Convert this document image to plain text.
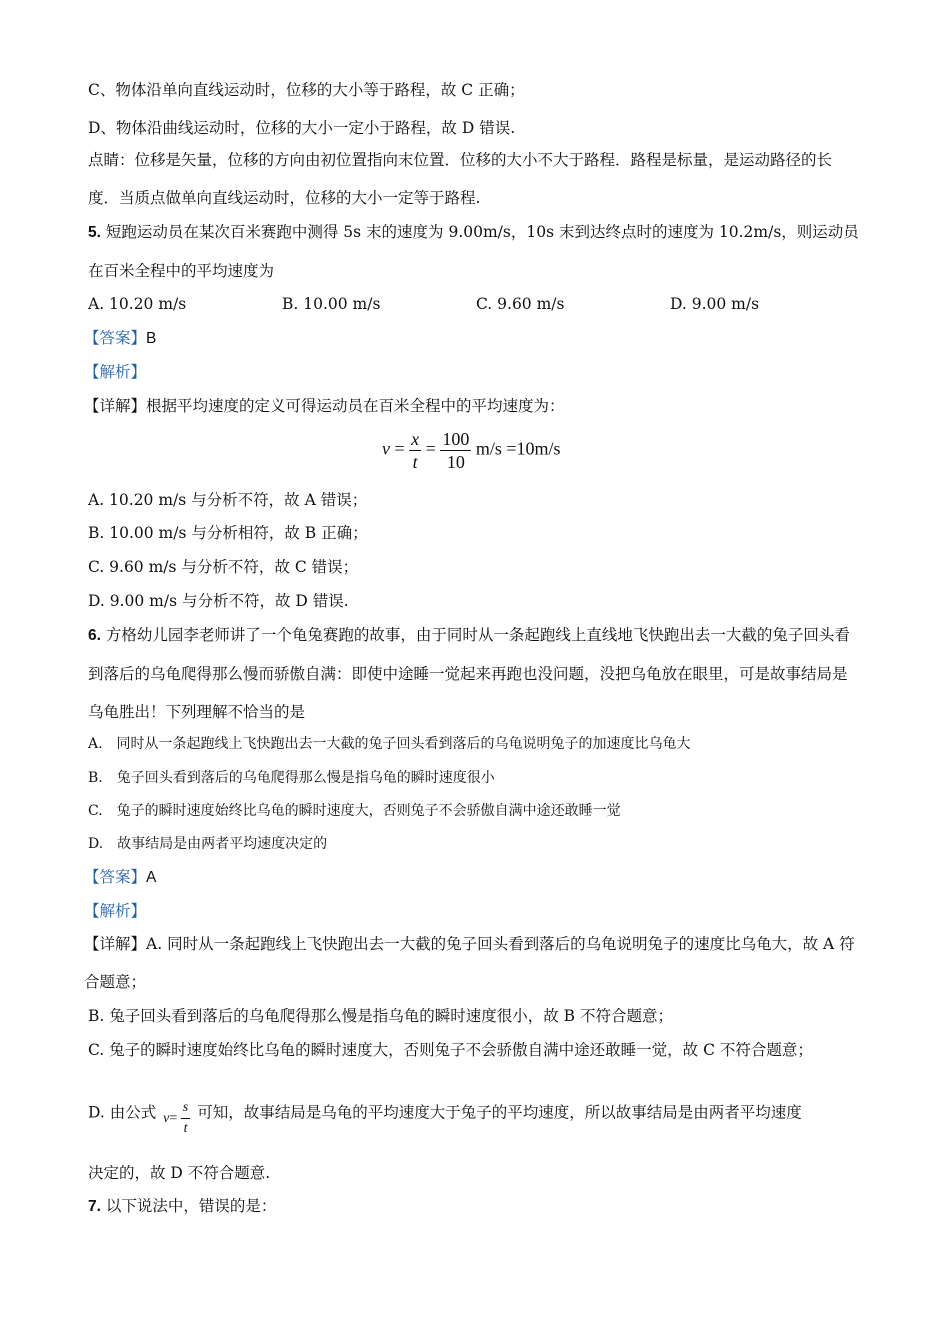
C、物体沿单向直线运动时，位移的大小等于路程，故 C 正确；
D、物体沿曲线运动时，位移的大小一定小于路程，故 D 错误.
点睛：位移是矢量，位移的方向由初位置指向末位置．位移的大小不大于路程．路程是标量，是运动路径的长度．当质点做单向直线运动时，位移的大小一定等于路程.
5. 短跑运动员在某次百米赛跑中测得 5s 末的速度为 9.00m/s，10s 末到达终点时的速度为 10.2m/s，则运动员在百米全程中的平均速度为
A. 10.20 m/s	B. 10.00 m/s	C. 9.60 m/s	D. 9.00 m/s
【答案】B
【解析】
【详解】根据平均速度的定义可得运动员在百米全程中的平均速度为：
$v = \frac{x}{t} = \frac{100}{10} m/s =10m/s$
A. 10.20 m/s 与分析不符，故 A 错误；
B. 10.00 m/s 与分析相符，故 B 正确；
C. 9.60 m/s 与分析不符，故 C 错误；
D. 9.00 m/s 与分析不符，故 D 错误.
6. 方格幼儿园李老师讲了一个龟兔赛跑的故事，由于同时从一条起跑线上直线地飞快跑出去一大截的兔子回头看到落后的乌龟爬得那么慢而骄傲自满：即使中途睡一觉起来再跑也没问题，没把乌龟放在眼里，可是故事结局是乌龟胜出！下列理解不恰当的是
A.　同时从一条起跑线上飞快跑出去一大截的兔子回头看到落后的乌龟说明兔子的加速度比乌龟大
B.　兔子回头看到落后的乌龟爬得那么慢是指乌龟的瞬时速度很小
C.　兔子的瞬时速度始终比乌龟的瞬时速度大，否则兔子不会骄傲自满中途还敢睡一觉
D.　故事结局是由两者平均速度决定的
【答案】A
【解析】
【详解】A. 同时从一条起跑线上飞快跑出去一大截的兔子回头看到落后的乌龟说明兔子的速度比乌龟大，故 A 符合题意；
B. 兔子回头看到落后的乌龟爬得那么慢是指乌龟的瞬时速度很小，故 B 不符合题意；
C. 兔子的瞬时速度始终比乌龟的瞬时速度大，否则兔子不会骄傲自满中途还敢睡一觉，故 C 不符合题意；
D. 由公式 $v= \frac{s}{t}$ 可知，故事结局是乌龟的平均速度大于兔子的平均速度，所以故事结局是由两者平均速度
决定的，故 D 不符合题意.
7. 以下说法中，错误的是：
